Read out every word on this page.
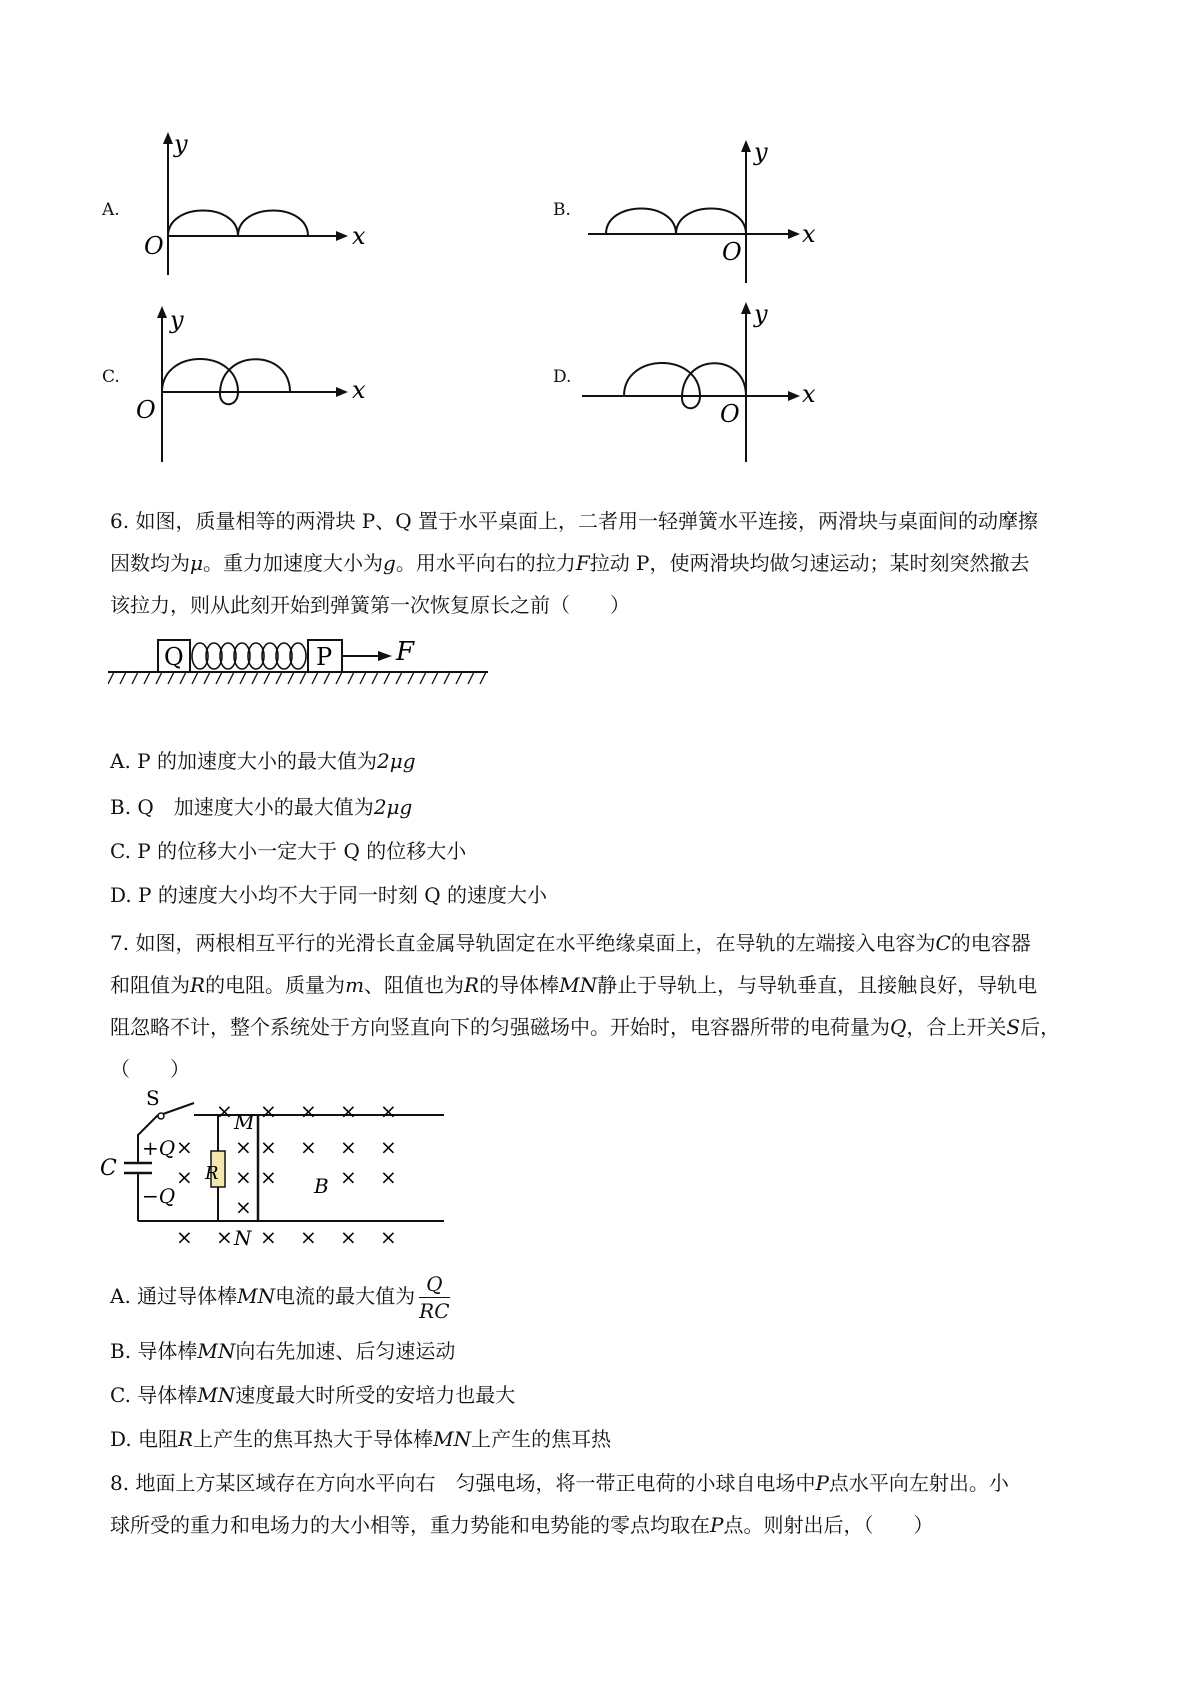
A.
y
x
O
B.
y
x
O
C.
y
x
O
D.
y
x
O
6. 如图，质量相等的两滑块 P、Q 置于水平桌面上，二者用一轻弹簧水平连接，两滑块与桌面间的动摩擦
因数均为μ。重力加速度大小为g。用水平向右的拉力F拉动 P，使两滑块均做匀速运动；某时刻突然撤去
该拉力，则从此刻开始到弹簧第一次恢复原长之前（　　）
Q	P F
A. P 的加速度大小的最大值为2μg
B. Q　加速度大小的最大值为2μg
C. P 的位移大小一定大于 Q 的位移大小
D. P 的速度大小均不大于同一时刻 Q 的速度大小
7. 如图，两根相互平行的光滑长直金属导轨固定在水平绝缘桌面上，在导轨的左端接入电容为C的电容器
和阻值为R的电阻。质量为m、阻值也为R的导体棒MN静止于导轨上，与导轨垂直，且接触良好，导轨电
阻忽略不计，整个系统处于方向竖直向下的匀强磁场中。开始时，电容器所带的电荷量为Q，合上开关S后，
（　　）
S
M
N
C
+Q
−Q
R
B
×
×
×
×
×
× × × ×
×
×
×
× × × ×
×	× ×
× × × ×
A. 通过导体棒MN电流的最大值为 $\frac{Q}{RC}$
B. 导体棒MN向右先加速、后匀速运动
C. 导体棒MN速度最大时所受的安培力也最大
D. 电阻R上产生的焦耳热大于导体棒MN上产生的焦耳热
8. 地面上方某区域存在方向水平向右　匀强电场，将一带正电荷的小球自电场中P点水平向左射出。小
球所受的重力和电场力的大小相等，重力势能和电势能的零点均取在P点。则射出后，（　　）
